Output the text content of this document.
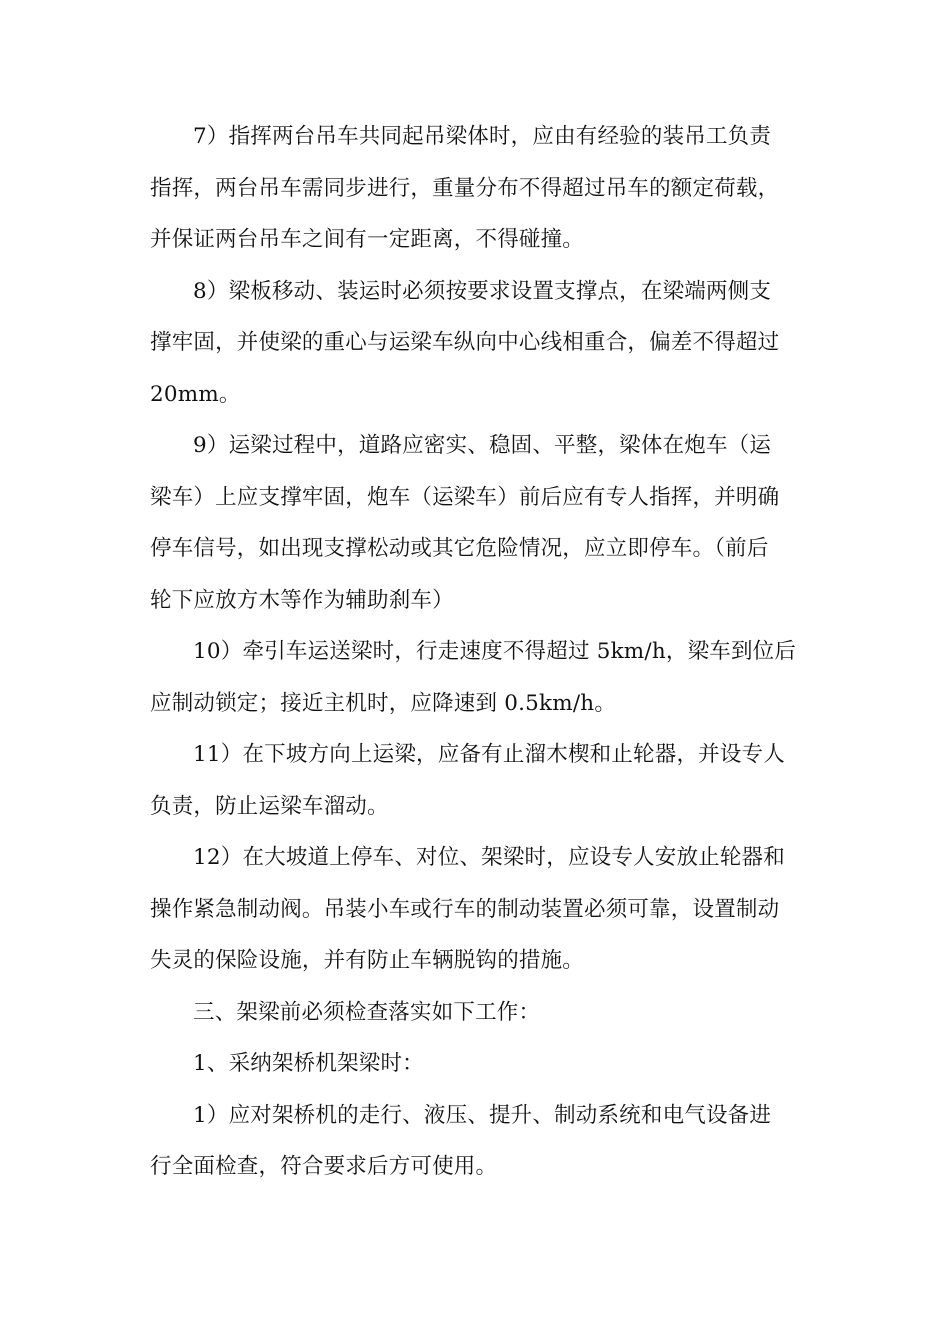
7）指挥两台吊车共同起吊梁体时，应由有经验的装吊工负责
指挥，两台吊车需同步进行，重量分布不得超过吊车的额定荷载，
并保证两台吊车之间有一定距离，不得碰撞。

8）梁板移动、装运时必须按要求设置支撑点，在梁端两侧支
撑牢固，并使梁的重心与运梁车纵向中心线相重合，偏差不得超过
20mm。

9）运梁过程中，道路应密实、稳固、平整，梁体在炮车（运
梁车）上应支撑牢固，炮车（运梁车）前后应有专人指挥，并明确
停车信号，如出现支撑松动或其它危险情况，应立即停车。（前后
轮下应放方木等作为辅助刹车）

10）牵引车运送梁时，行走速度不得超过 5km/h，梁车到位后
应制动锁定；接近主机时，应降速到 0.5km/h。

11）在下坡方向上运梁，应备有止溜木楔和止轮器，并设专人
负责，防止运梁车溜动。

12）在大坡道上停车、对位、架梁时，应设专人安放止轮器和
操作紧急制动阀。吊装小车或行车的制动装置必须可靠，设置制动
失灵的保险设施，并有防止车辆脱钩的措施。

三、架梁前必须检查落实如下工作：

1、采纳架桥机架梁时：

1）应对架桥机的走行、液压、提升、制动系统和电气设备进
行全面检查，符合要求后方可使用。
